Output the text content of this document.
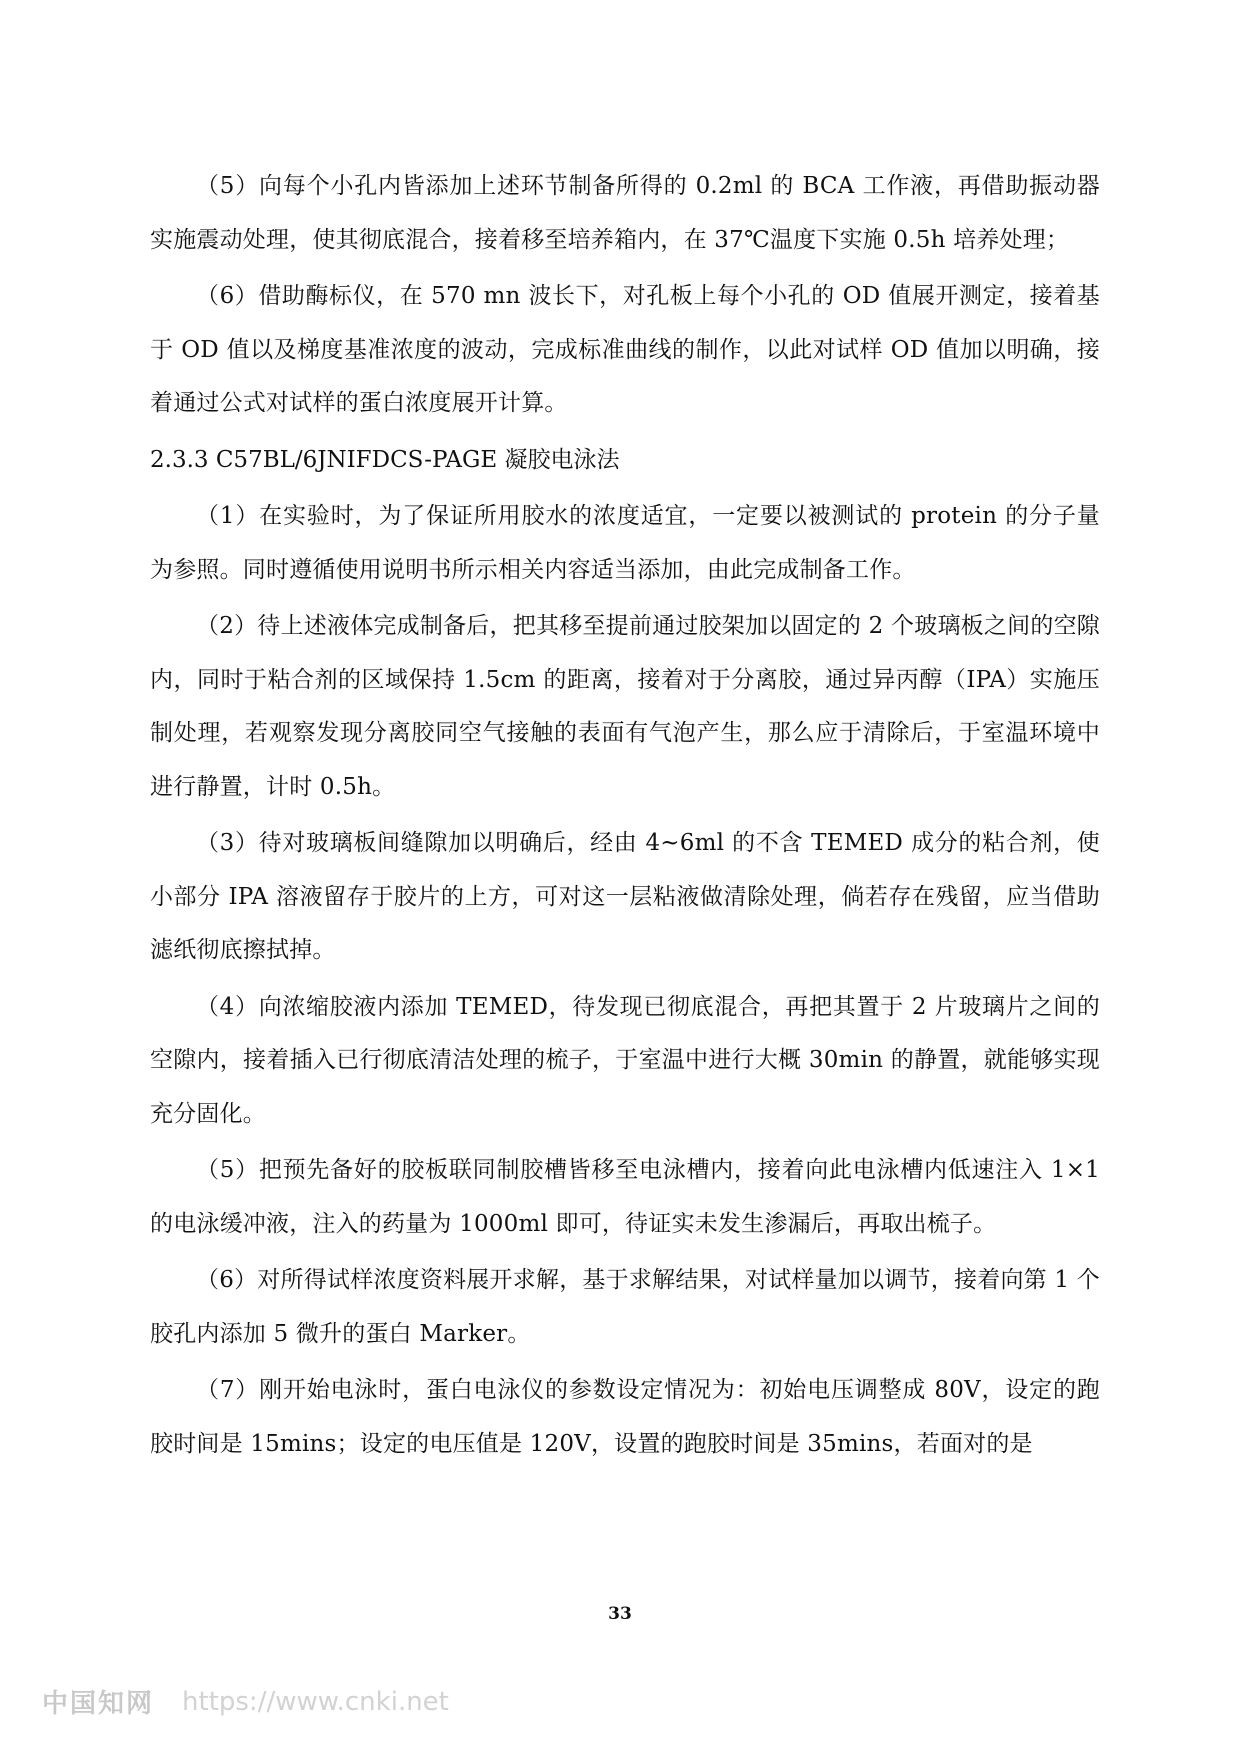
（5）向每个小孔内皆添加上述环节制备所得的 0.2ml 的 BCA 工作液，再借助振动器实施震动处理，使其彻底混合，接着移至培养箱内，在 37℃温度下实施 0.5h 培养处理；

（6）借助酶标仪，在 570 mn 波长下，对孔板上每个小孔的 OD 值展开测定，接着基于 OD 值以及梯度基准浓度的波动，完成标准曲线的制作，以此对试样 OD 值加以明确，接着通过公式对试样的蛋白浓度展开计算。

2.3.3 C57BL/6JNIFDCS-PAGE 凝胶电泳法

（1）在实验时，为了保证所用胶水的浓度适宜，一定要以被测试的 protein 的分子量为参照。同时遵循使用说明书所示相关内容适当添加，由此完成制备工作。

（2）待上述液体完成制备后，把其移至提前通过胶架加以固定的 2 个玻璃板之间的空隙内，同时于粘合剂的区域保持 1.5cm 的距离，接着对于分离胶，通过异丙醇（IPA）实施压制处理，若观察发现分离胶同空气接触的表面有气泡产生，那么应于清除后，于室温环境中进行静置，计时 0.5h。

（3）待对玻璃板间缝隙加以明确后，经由 4~6ml 的不含 TEMED 成分的粘合剂，使小部分 IPA 溶液留存于胶片的上方，可对这一层粘液做清除处理，倘若存在残留，应当借助滤纸彻底擦拭掉。

（4）向浓缩胶液内添加 TEMED，待发现已彻底混合，再把其置于 2 片玻璃片之间的空隙内，接着插入已行彻底清洁处理的梳子，于室温中进行大概 30min 的静置，就能够实现充分固化。

（5）把预先备好的胶板联同制胶槽皆移至电泳槽内，接着向此电泳槽内低速注入 1×1 的电泳缓冲液，注入的药量为 1000ml 即可，待证实未发生渗漏后，再取出梳子。

（6）对所得试样浓度资料展开求解，基于求解结果，对试样量加以调节，接着向第 1 个胶孔内添加 5 微升的蛋白 Marker。

（7）刚开始电泳时，蛋白电泳仪的参数设定情况为：初始电压调整成 80V，设定的跑胶时间是 15mins；设定的电压值是 120V，设置的跑胶时间是 35mins，若面对的是

33
中国知网 https://www.cnki.net
